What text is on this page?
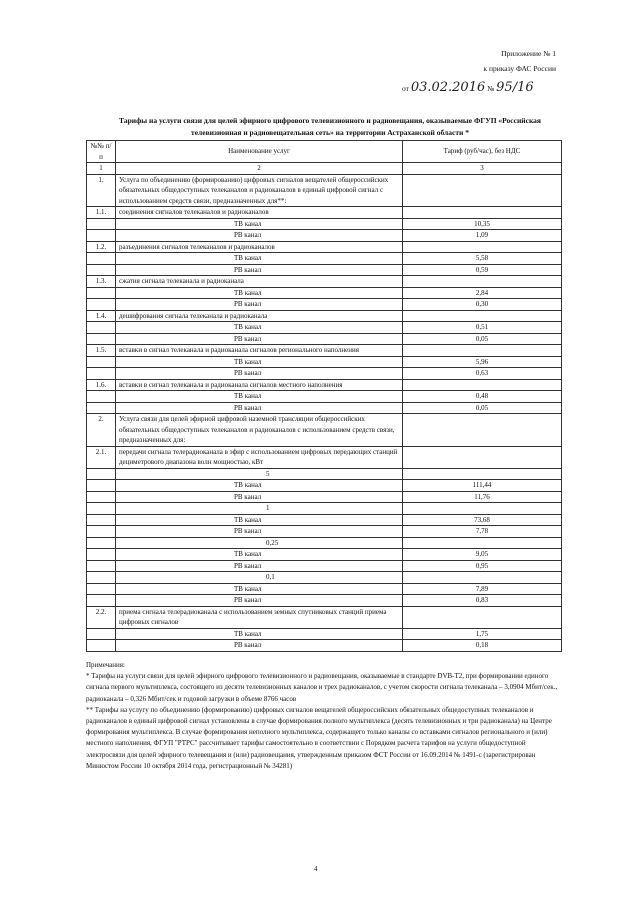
Приложение № 1
к приказу ФАС России
от 03.02.2016 № 95/16
Тарифы на услуги связи для целей эфирного цифрового телевизионного и радиовещания, оказываемые ФГУП «Российская телевизионная и радиовещательная сеть» на территории Астраханской области *
№№ п/п	Наименование услуг	Тариф (руб/час), без НДС
1	2	3
1.	Услуга по объединению (формированию) цифровых сигналов вещателей общероссийских обязательных общедоступных телеканалов и радиоканалов в единый цифровой сигнал с использованием средств связи, предназначенных для**:	
1.1.	соединения сигналов телеканалов и радиоканалов	
	ТВ канал	10,35
	РВ канал	1,09
1.2.	разъединения сигналов телеканалов и радиоканалов	
	ТВ канал	5,58
	РВ канал	0,59
1.3.	сжатия сигнала телеканала и радиоканала	
	ТВ канал	2,84
	РВ канал	0,30
1.4.	дешифрования сигнала телеканала и радиоканала	
	ТВ канал	0,51
	РВ канал	0,05
1.5.	вставки в сигнал телеканала и радиоканала сигналов регионального наполнения	
	ТВ канал	5,96
	РВ канал	0,63
1.6.	вставки в сигнал телеканала и радиоканала сигналов местного наполнения	
	ТВ канал	0,48
	РВ канал	0,05
2.	Услуга связи для целей эфирной цифровой наземной трансляции общероссийских обязательных общедоступных телеканалов и радиоканалов с использованием средств связи, предназначенных для:	
2.1.	передачи сигнала телерадиоканала в эфир с использованием цифровых передающих станций дециметрового диапазона волн мощностью, кВт	
	5	
	ТВ канал	111,44
	РВ канал	11,76
	1	
	ТВ канал	73,68
	РВ канал	7,78
	0,25	
	ТВ канал	9,05
	РВ канал	0,95
	0,1	
	ТВ канал	7,89
	РВ канал	0,83
2.2.	приема сигнала телерадиоканала с использованием земных спутниковых станций приема цифровых сигналов	
	ТВ канал	1,75
	РВ канал	0,18

Примечания:

* Тарифы на услуги связи для целей эфирного цифрового телевизионного и радиовещания, оказываемые в стандарте DVB-T2, при формировании единого сигнала первого мультиплекса, состоящего из десяти телевизионных каналов и трех радиоканалов, с учетом скорости сигнала телеканала – 3,0904 Мбит/сек., радиоканала – 0,326 Мбит/сек и годовой загрузки в объеме 8766 часов

** Тарифы на услугу по объединению (формированию) цифровых сигналов вещателей общероссийских обязательных общедоступных телеканалов и радиоканалов в единый цифровой сигнал установлены в случае формирования полного мультиплекса (десять телевизионных и три радиоканала) на Центре формирования мультиплекса. В случае формирования неполного мультиплекса, содержащего только каналы со вставками сигналов регионального и (или) местного наполнения, ФГУП "РТРС" рассчитывает тарифы самостоятельно в соответствии с Порядком расчета тарифов на услуги общедоступной электросвязи для целей эфирного телевещания и (или) радиовещания, утвержденным приказом ФСТ России от 16.09.2014 № 1491-с (зарегистрирован Минюстом России 10 октября 2014 года, регистрационный № 34281)

4
